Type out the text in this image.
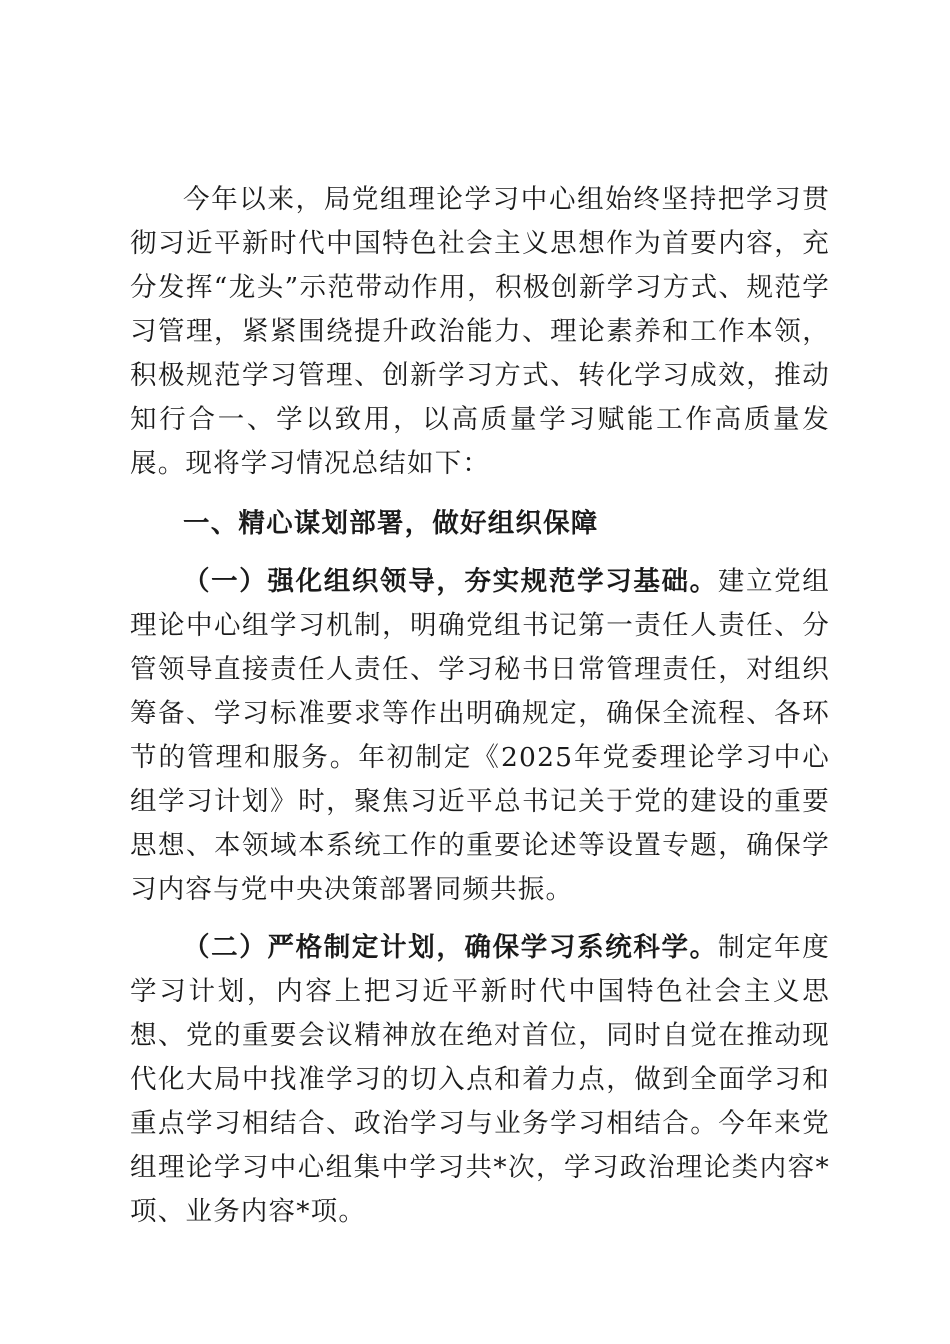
今年以来，局党组理论学习中心组始终坚持把学习贯彻习近平新时代中国特色社会主义思想作为首要内容，充分发挥“龙头”示范带动作用，积极创新学习方式、规范学习管理，紧紧围绕提升政治能力、理论素养和工作本领，积极规范学习管理、创新学习方式、转化学习成效，推动知行合一、学以致用，以高质量学习赋能工作高质量发展。现将学习情况总结如下：

一、精心谋划部署，做好组织保障

（一）强化组织领导，夯实规范学习基础。建立党组理论中心组学习机制，明确党组书记第一责任人责任、分管领导直接责任人责任、学习秘书日常管理责任，对组织筹备、学习标准要求等作出明确规定，确保全流程、各环节的管理和服务。年初制定《2025年党委理论学习中心组学习计划》时，聚焦习近平总书记关于党的建设的重要思想、本领域本系统工作的重要论述等设置专题，确保学习内容与党中央决策部署同频共振。

（二）严格制定计划，确保学习系统科学。制定年度学习计划，内容上把习近平新时代中国特色社会主义思想、党的重要会议精神放在绝对首位，同时自觉在推动现代化大局中找准学习的切入点和着力点，做到全面学习和重点学习相结合、政治学习与业务学习相结合。今年来党组理论学习中心组集中学习共*次，学习政治理论类内容*项、业务内容*项。
